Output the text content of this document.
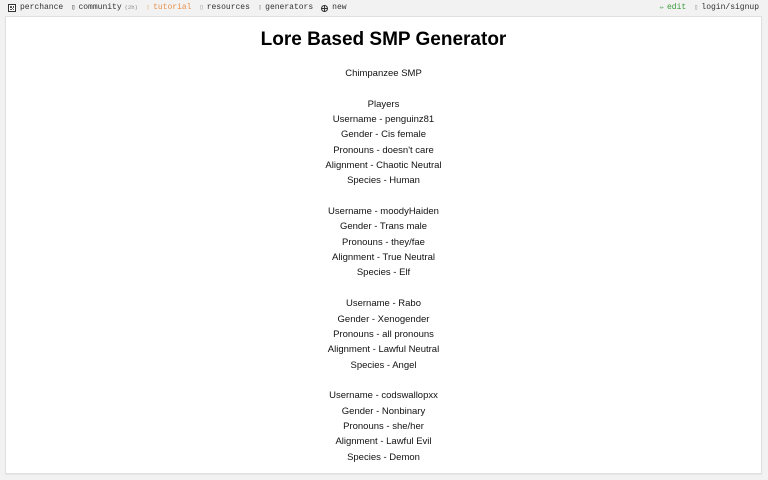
perchance ▯ community (2h) ▯ tutorial ▯ resources ▯ generators new	✏ edit ▯ login/signup
Lore Based SMP Generator
Chimpanzee SMP
Players
Username - penguinz81
Gender - Cis female
Pronouns - doesn't care
Alignment - Chaotic Neutral
Species - Human
Username - moodyHaiden
Gender - Trans male
Pronouns - they/fae
Alignment - True Neutral
Species - Elf
Username - Rabo
Gender - Xenogender
Pronouns - all pronouns
Alignment - Lawful Neutral
Species - Angel
Username - codswallopxx
Gender - Nonbinary
Pronouns - she/her
Alignment - Lawful Evil
Species - Demon
